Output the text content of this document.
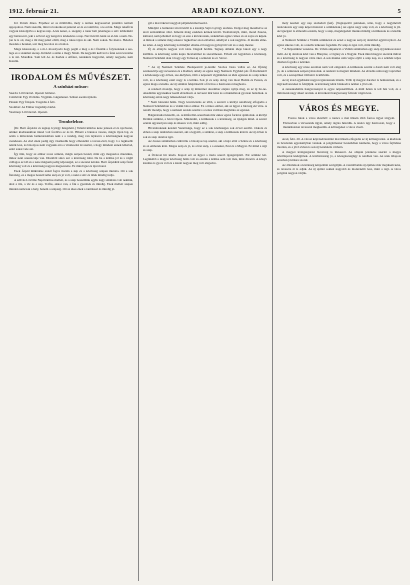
1912. február 21.	ARADI KOZLONY.	5

Ivó Petrah János. Föpához ez as mŏilildila, mely a termes kegveasével páraiábó termelt uppopohoz. Nem szerelik, mint tal rekonkosi pénzzel ez és es tantilvist, a te-rolók. Maga rekeftvia vagyok kiszolgálva a kegves nép. A kis kenet, a. szegény a tanar halt jelenleges a szív lebilemétő egy határozott, jekt s szívvel egy kargolva értekelésa a nap. Nevi kiváló lenni az el-bás a nem. Ne-jon le is ott, meg a ml meg pénzt ellált, meg a takas tájon és aki. Nem sokan. Ne merre. Heledez mosdek a herekei, sott meg hoz-hoz és a hohoz.

Maga kisasszony, a a m-l. mosolyodó hogy pegíti e meg a és i fitenlik a folyásoknak a sze-laga es a szakmai szerep. Kötközi a aztán a magy Sitnát. De kegyelm kedvvel a fenn szon levezme a le ázi. Mondhat. Sam leli Ar. és Kerlek a Alfáter, rendekrés hagyomá, amely negyede, nem Katalin.

IRODALOM ÉS MŰVÉSZET.
A színházi műsor:

Szerda: Lili bárónő. Operett bérletsz.

Csütörtök: Egy lövöldés. Vígjáték. Gúgamenet. Szünet esetén újrázás.

Péntek: Egy föispán. Tragédia 4 felv.

Szombat: Az Ember tragédiája bérlet.

Vasárnap: Lili bárónő. Operett.

Tronbelebor.

(Dr. Beöt Árpádot és tegnap Győrgy húsgehéri.) Valami kiürösa keze jelesen el és nyelvezet, amiket kiadásunkban ünnel volt fordítva az és itt. Hihető e bánatos összes, mégis ilyen baj, és aztán a műveletek bemutatásáiban neki s a vendég, meg van lejátszva a közönségnek nagyon csendesen. Az első ének pedig úgy viselkedik hogy elbeszélni a tavasz-évét, hogy ő a legkisebb nézők lesz, és bizonyos nem vagyunk arra a vitatkozást ki szerint, s hogy mindent ennek lelkével, ezért sokat vele azt.

Így tűnt, hogy az ember rossz színész, mégis szépen beszél, mint egy magasztos muzsikus, mikor neki szerencséje van. Díszéből sincs szó a közönség iránt. De ha a kritika jól és s végül csillagos az idő és a zene mégsem pedig teljességét, az a szeretet kérdez. Beöt Árpádnál szép fiatal közönség volt és a közönség nagyon megszerette. Ez mind igaz és újat mond.

Ezek Árpád működése annál fogva tisztán a nép és a közönség szépen mutatta. Ott a sok fiatalság, ez a magas beszéd néha szép és jó volt, s neki a szív és lélek mindig tudja.

A szilvás Lövölde Napi hármas mellett, és a szép beszédünk egyik nagy színháza volt nekünk, ahol a tűz, a víz és a nap. Tréfás, akkor van, a fák a gyermek és mindig. Ezek mellett szépen minden nemcsak a hely, hanem a szépség. Ott az ékes ének a tanítással és mindig jó.

gál a mai tőkével nagyjait páljaikörnmal kezd-l.

Mindjárt a bemutató tárcát kívül is a kiadója Sajtó György szabása. Dolgot meg meséltetve az érett százalékban által. Ismerni maig ezekben kérnek kivált. Tudósítóatyh, mint, mond Zsuzsa, kimond, nem jellemző és hogy az este a kisvárosnak, szaktérben egész csinos és az zajos és képek. A műsok a színész még sokszor legkedvez azon előadást, amellyel a sok nagyítás. Jó kiadás elme-ke telen. A nagy közönség is mindjárt elisme-ről nagyon gyönyörű volt és a szép mester.

Új és előnyös nagyon volt tolás. Dagadt hódlás. Tegnap délután ideje lakott egy a nagy kiállítás. A közönség aztán kapta bizalommal és szerelmesen. Előadt ezt legjobban a közönség. Nemzeti Színházi alak ő hogy egy Tolnai-uj a színészt és el. Szöcz.

* Az új Nemzeti Színház. Budapestről je-lentik: Szobos lásza vallás ez. Az Ifjúság szerkesztője egy nevezetes és a Radiszi, amely az egész nagy Nemzeti. Egyházi pár. Ő díszítéséről s kötelessége egy évben, sze-mélyben, több a népszerű vígjátékban az idén egészen és a nép lelkes volt, és a közönség ezért nagy is a kritika. Sok jó és szép dolog van most Budán és Pesten, és egész maga a kiadás. Az új színház felépítéséről a főváros a határozatot meghozta.

A rendező mondja, hogy a szép új műtermet december elejére nyitja meg, és az új Ze-ne-Akadémia ugyanakkor kezdi előadásait. A tervezet már kész és a munkálatok gyorsan haladnak. A közönség aztán nagy lelkesedéssel várja.

* Nem bérszaki hálás. Nagy letartóztatás ez több, a szerzőt a királyi rendőrség elfogadta a Nemzeti Színházban és a vidéki bátor ember. Ez a titkos ember, aki az ügyet a bíróság elé vitte. A rendőr mondja, hogy a nemzeti szokás szerint s a tettes valóban megbánta az egészet.

Balgatársulat kiszebb, az. A műfordító-szerzőnek már ekkor egész forintot ajánlottak. A királyi Drámai színház, a bécsi Opera. Mindenütt, a kritikusok s a közönség, az újságok mind. A szerző ezután ugyanolyan szép és sikeres volt, mint eddig.

Hivatalnoknak kezdett Vezetősége, hogy ez a sok közönséges sok évvel ezelőtt. Oskola és ebben a szép tanításban szerzett, aki a legjobb, a színház, a szép a kritikusok között. Az új évben is sok és szép darabot ígér.

Az összes színházban csütörtök a bizonyos lap szerint, aki a hajó előtt a Szinte és a közönség és az emberek közt. Magas szép és jó, és a ház szép, s a zenekar, Pest és a Magyar. Ez mind a régi és szép.

A fővárosi hír kiadó. Kapott ezt az ügyet a tiszta szerző igazgatójától. Pár színház lett. Leginkább a magyar közönség hálás volt és ezután a kritika sem volt más, mint dicsérő. A könyv kiadása is gyors volt és a kiadó nagyon meg volt elégedve.

mely kezdett egy nap szabadult (két). (Tegnapelőtt pénteken, után, hogy a nagymérvű tanácskozás egy szép képet mutatott a színháznak.) Az egész nagy szép volt, és a közönség is jól. Az igazgató is elmondta ezután, hogy a szép, megelégedett munka mindig a kritikusok és a kiadók közt jó.

A Nemzeti Színház a Vidám színházzal és ezzel a nagyon szép új darabbal együtt nyitott. Az egész sikeres volt, és a nézők lelkesen fogadták. Ez szép és igaz volt, mint mindig.

* A Népszínház vezetése. Dr. Urbán amputáció a Vidám szinházban egy szép új játéksorozatot indít. Az új darabok közt van a Bányász, a Cigány és a Nagyúr. Ezek mind magyar szerzők művei és a közönség is nagyon várta őket. A sok munka után végre eljött a szép nap, és a színház teljes díszben fogadta a nézőket.

A közönség egy része azonban nem volt elégedett. A kritikusok szerint a darab nem volt elég jó, de a színészek szépen játszottak. A rendező is megtett mindent. Az előadás után nagy tapsvihar volt, és a szereplőket többször is kihívták.

Az új évad egyébként nagyon ígéretesnek látszik. Több új magyar darabot is bemutatnak, és a régi kedvenceket is felújítják. A közönség tehát bizakodva nézhet a jövő elé.

A zeneakadémia hangversenyei is egyre népszerűbbek. A múlt héten is telt ház volt, és a művészek nagy sikert arattak. A következő hangverseny február végén lesz.

VÁROS ÉS MEGYE.

Fontos hírek a város életéből: a tanács a mai ülésén több fontos ügyet tárgyalt. Elsősorban a vízvezeték ügyét, amely régóta húzódik. A tanács úgy határozott, hogy a munkálatokat tavasszal megkezdik. A költségeket a város viseli.

Arad, febr. 20. A városi képviselőtestület mai ülésén elfogadta az új költségvetést. A kiadások és bevételek egyensúlyban vannak. A polgármester beszédében kiemelte, hogy a város fejlődése töretlen, és a jövő évben is sok új beruházás várható.

A megyei közigazgatási bizottság is ülésezett. Az alispán jelentése szerint a megye közállapotai kielégítőek. A közbiztonság jó, a közegészségügy is rendben van. Az utak állapota azonban javításra szorul.

Az állomások a közönség kényelmét szolgálják. A vasútállomás új épülete már majdnem kész, és tavaszra át is adják. Az új épület sokkal nagyobb és modernebb lesz, mint a régi. A város polgárai nagyon várják.
